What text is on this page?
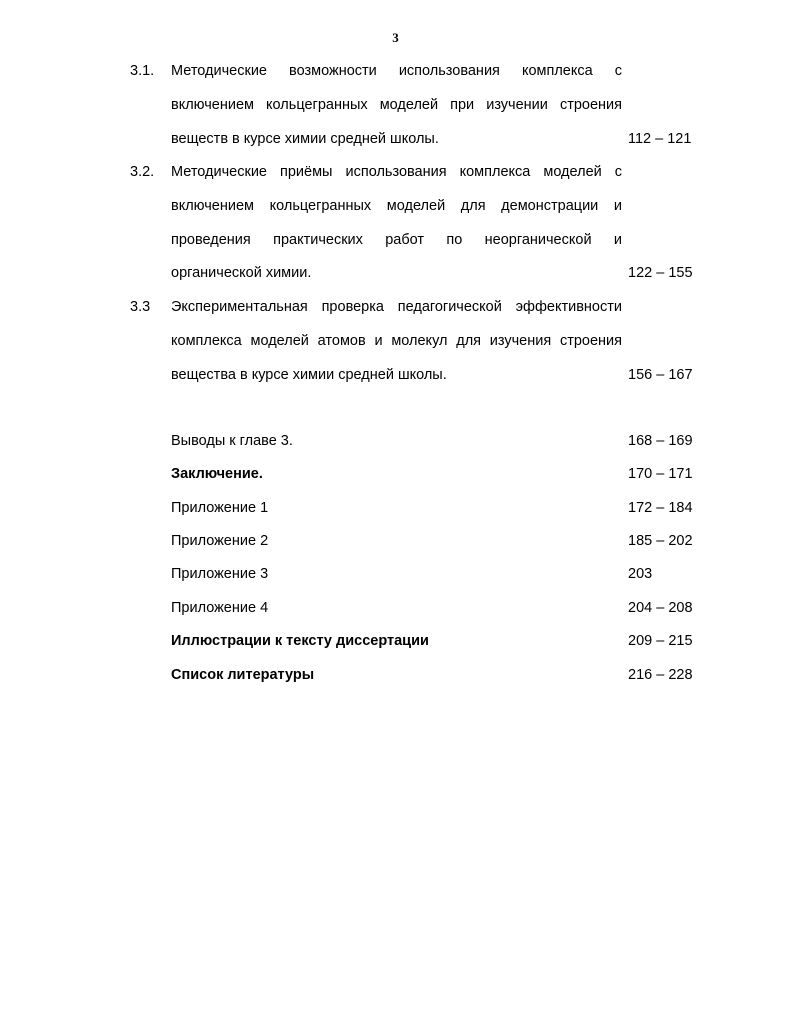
3
3.1. Методические возможности использования комплекса с
включением кольцегранных моделей при изучении строения
веществ в курсе химии средней школы.	112 – 121
3.2. Методические приёмы использования комплекса моделей с
включением кольцегранных моделей для демонстрации и
проведения практических работ по неорганической и
органической химии.	122 – 155
3.3 Экспериментальная проверка педагогической эффективности
комплекса моделей атомов и молекул для изучения строения
вещества в курсе химии средней школы.	156 – 167
Выводы к главе 3.	168 – 169
Заключение.	170 – 171
Приложение 1	172 – 184
Приложение 2	185 – 202
Приложение 3	203
Приложение 4	204 – 208
Иллюстрации к тексту диссертации	209 – 215
Список литературы	216 – 228
